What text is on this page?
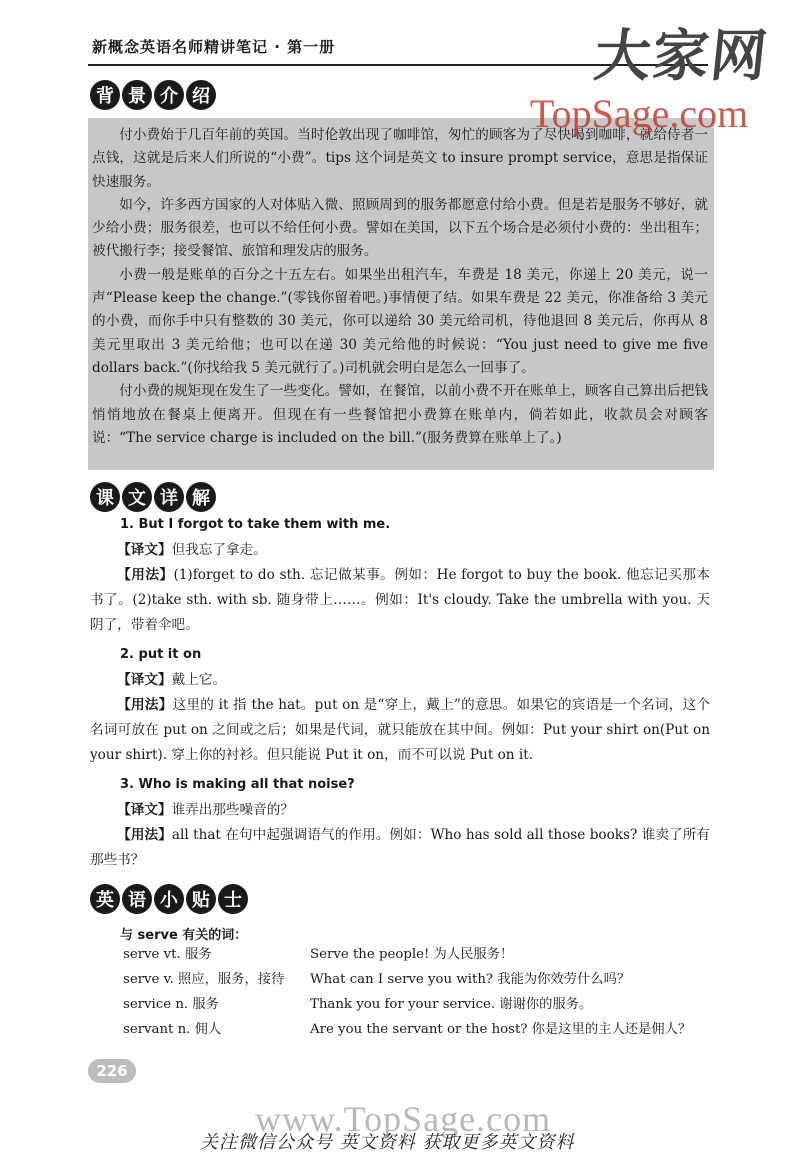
新概念英语名师精讲笔记 · 第一册	大家网
TopSage.com
背 景 介 绍

付小费始于几百年前的英国。当时伦敦出现了咖啡馆，匆忙的顾客为了尽快喝到咖啡，就给侍者一点钱，这就是后来人们所说的“小费”。tips 这个词是英文 to insure prompt service，意思是指保证快速服务。

如今，许多西方国家的人对体贴入微、照顾周到的服务都愿意付给小费。但是若是服务不够好，就少给小费；服务很差，也可以不给任何小费。譬如在美国，以下五个场合是必须付小费的：坐出租车；被代搬行李；接受餐馆、旅馆和理发店的服务。

小费一般是账单的百分之十五左右。如果坐出租汽车，车费是 18 美元，你递上 20 美元，说一声“Please keep the change.”(零钱你留着吧。)事情便了结。如果车费是 22 美元，你准备给 3 美元的小费，而你手中只有整数的 30 美元，你可以递给 30 美元给司机，待他退回 8 美元后，你再从 8 美元里取出 3 美元给他；也可以在递 30 美元给他的时候说：“You just need to give me five dollars back.”(你找给我 5 美元就行了。)司机就会明白是怎么一回事了。

付小费的规矩现在发生了一些变化。譬如，在餐馆，以前小费不开在账单上，顾客自己算出后把钱悄悄地放在餐桌上便离开。但现在有一些餐馆把小费算在账单内，倘若如此，收款员会对顾客说：“The service charge is included on the bill.”(服务费算在账单上了。)

课 文 详 解
1. But I forgot to take them with me.
【译文】但我忘了拿走。
【用法】(1)forget to do sth. 忘记做某事。例如：He forgot to buy the book. 他忘记买那本书了。(2)take sth. with sb. 随身带上……。例如：It's cloudy. Take the umbrella with you. 天阴了，带着伞吧。
2. put it on
【译文】戴上它。
【用法】这里的 it 指 the hat。put on 是“穿上，戴上”的意思。如果它的宾语是一个名词，这个名词可放在 put on 之间或之后；如果是代词，就只能放在其中间。例如：Put your shirt on(Put on your shirt). 穿上你的衬衫。但只能说 Put it on，而不可以说 Put on it.
3. Who is making all that noise?
【译文】谁弄出那些噪音的？
【用法】all that 在句中起强调语气的作用。例如：Who has sold all those books? 谁卖了所有那些书？
英 语 小 贴 士
与 serve 有关的词：
serve vt. 服务	Serve the people! 为人民服务！
serve v. 照应，服务，接待	What can I serve you with? 我能为你效劳什么吗？
service n. 服务	Thank you for your service. 谢谢你的服务。
servant n. 佣人	Are you the servant or the host? 你是这里的主人还是佣人？
226
www.TopSage.com
关注微信公众号 英文资料 获取更多英文资料
